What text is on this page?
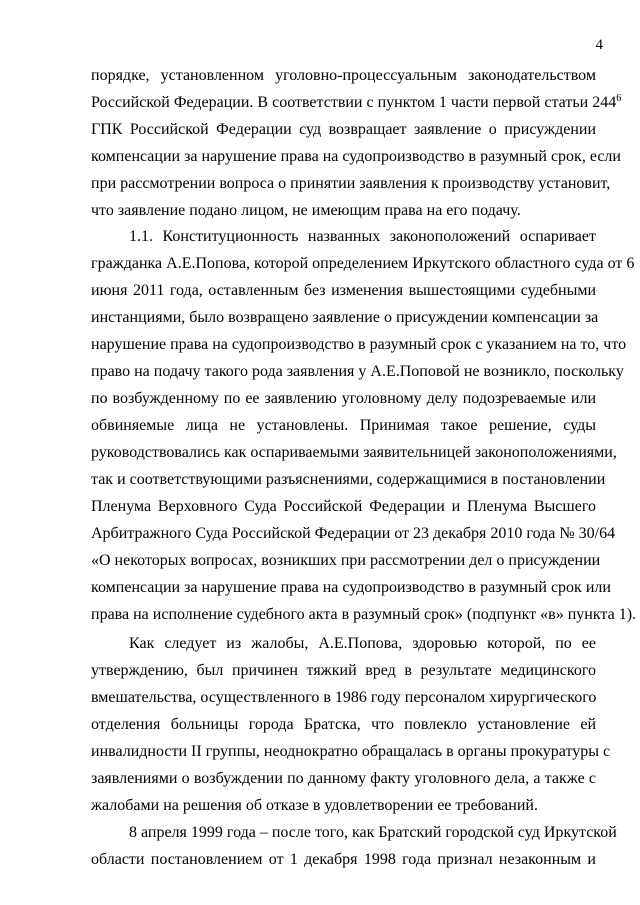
4
порядке, установленном уголовно-процессуальным законодательством
Российской Федерации. В соответствии с пунктом 1 части первой статьи $244^6$
ГПК Российской Федерации суд возвращает заявление о присуждении
компенсации за нарушение права на судопроизводство в разумный срок, если
при рассмотрении вопроса о принятии заявления к производству установит,
что заявление подано лицом, не имеющим права на его подачу.
1.1. Конституционность названных законоположений оспаривает
гражданка А.Е.Попова, которой определением Иркутского областного суда от 6
июня 2011 года, оставленным без изменения вышестоящими судебными
инстанциями, было возвращено заявление о присуждении компенсации за
нарушение права на судопроизводство в разумный срок с указанием на то, что
право на подачу такого рода заявления у А.Е.Поповой не возникло, поскольку
по возбужденному по ее заявлению уголовному делу подозреваемые или
обвиняемые лица не установлены. Принимая такое решение, суды
руководствовались как оспариваемыми заявительницей законоположениями,
так и соответствующими разъяснениями, содержащимися в постановлении
Пленума Верховного Суда Российской Федерации и Пленума Высшего
Арбитражного Суда Российской Федерации от 23 декабря 2010 года № 30/64
«О некоторых вопросах, возникших при рассмотрении дел о присуждении
компенсации за нарушение права на судопроизводство в разумный срок или
права на исполнение судебного акта в разумный срок» (подпункт «в» пункта 1).
Как следует из жалобы, А.Е.Попова, здоровью которой, по ее
утверждению, был причинен тяжкий вред в результате медицинского
вмешательства, осуществленного в 1986 году персоналом хирургического
отделения больницы города Братска, что повлекло установление ей
инвалидности II группы, неоднократно обращалась в органы прокуратуры с
заявлениями о возбуждении по данному факту уголовного дела, а также с
жалобами на решения об отказе в удовлетворении ее требований.
8 апреля 1999 года – после того, как Братский городской суд Иркутской
области постановлением от 1 декабря 1998 года признал незаконным и
